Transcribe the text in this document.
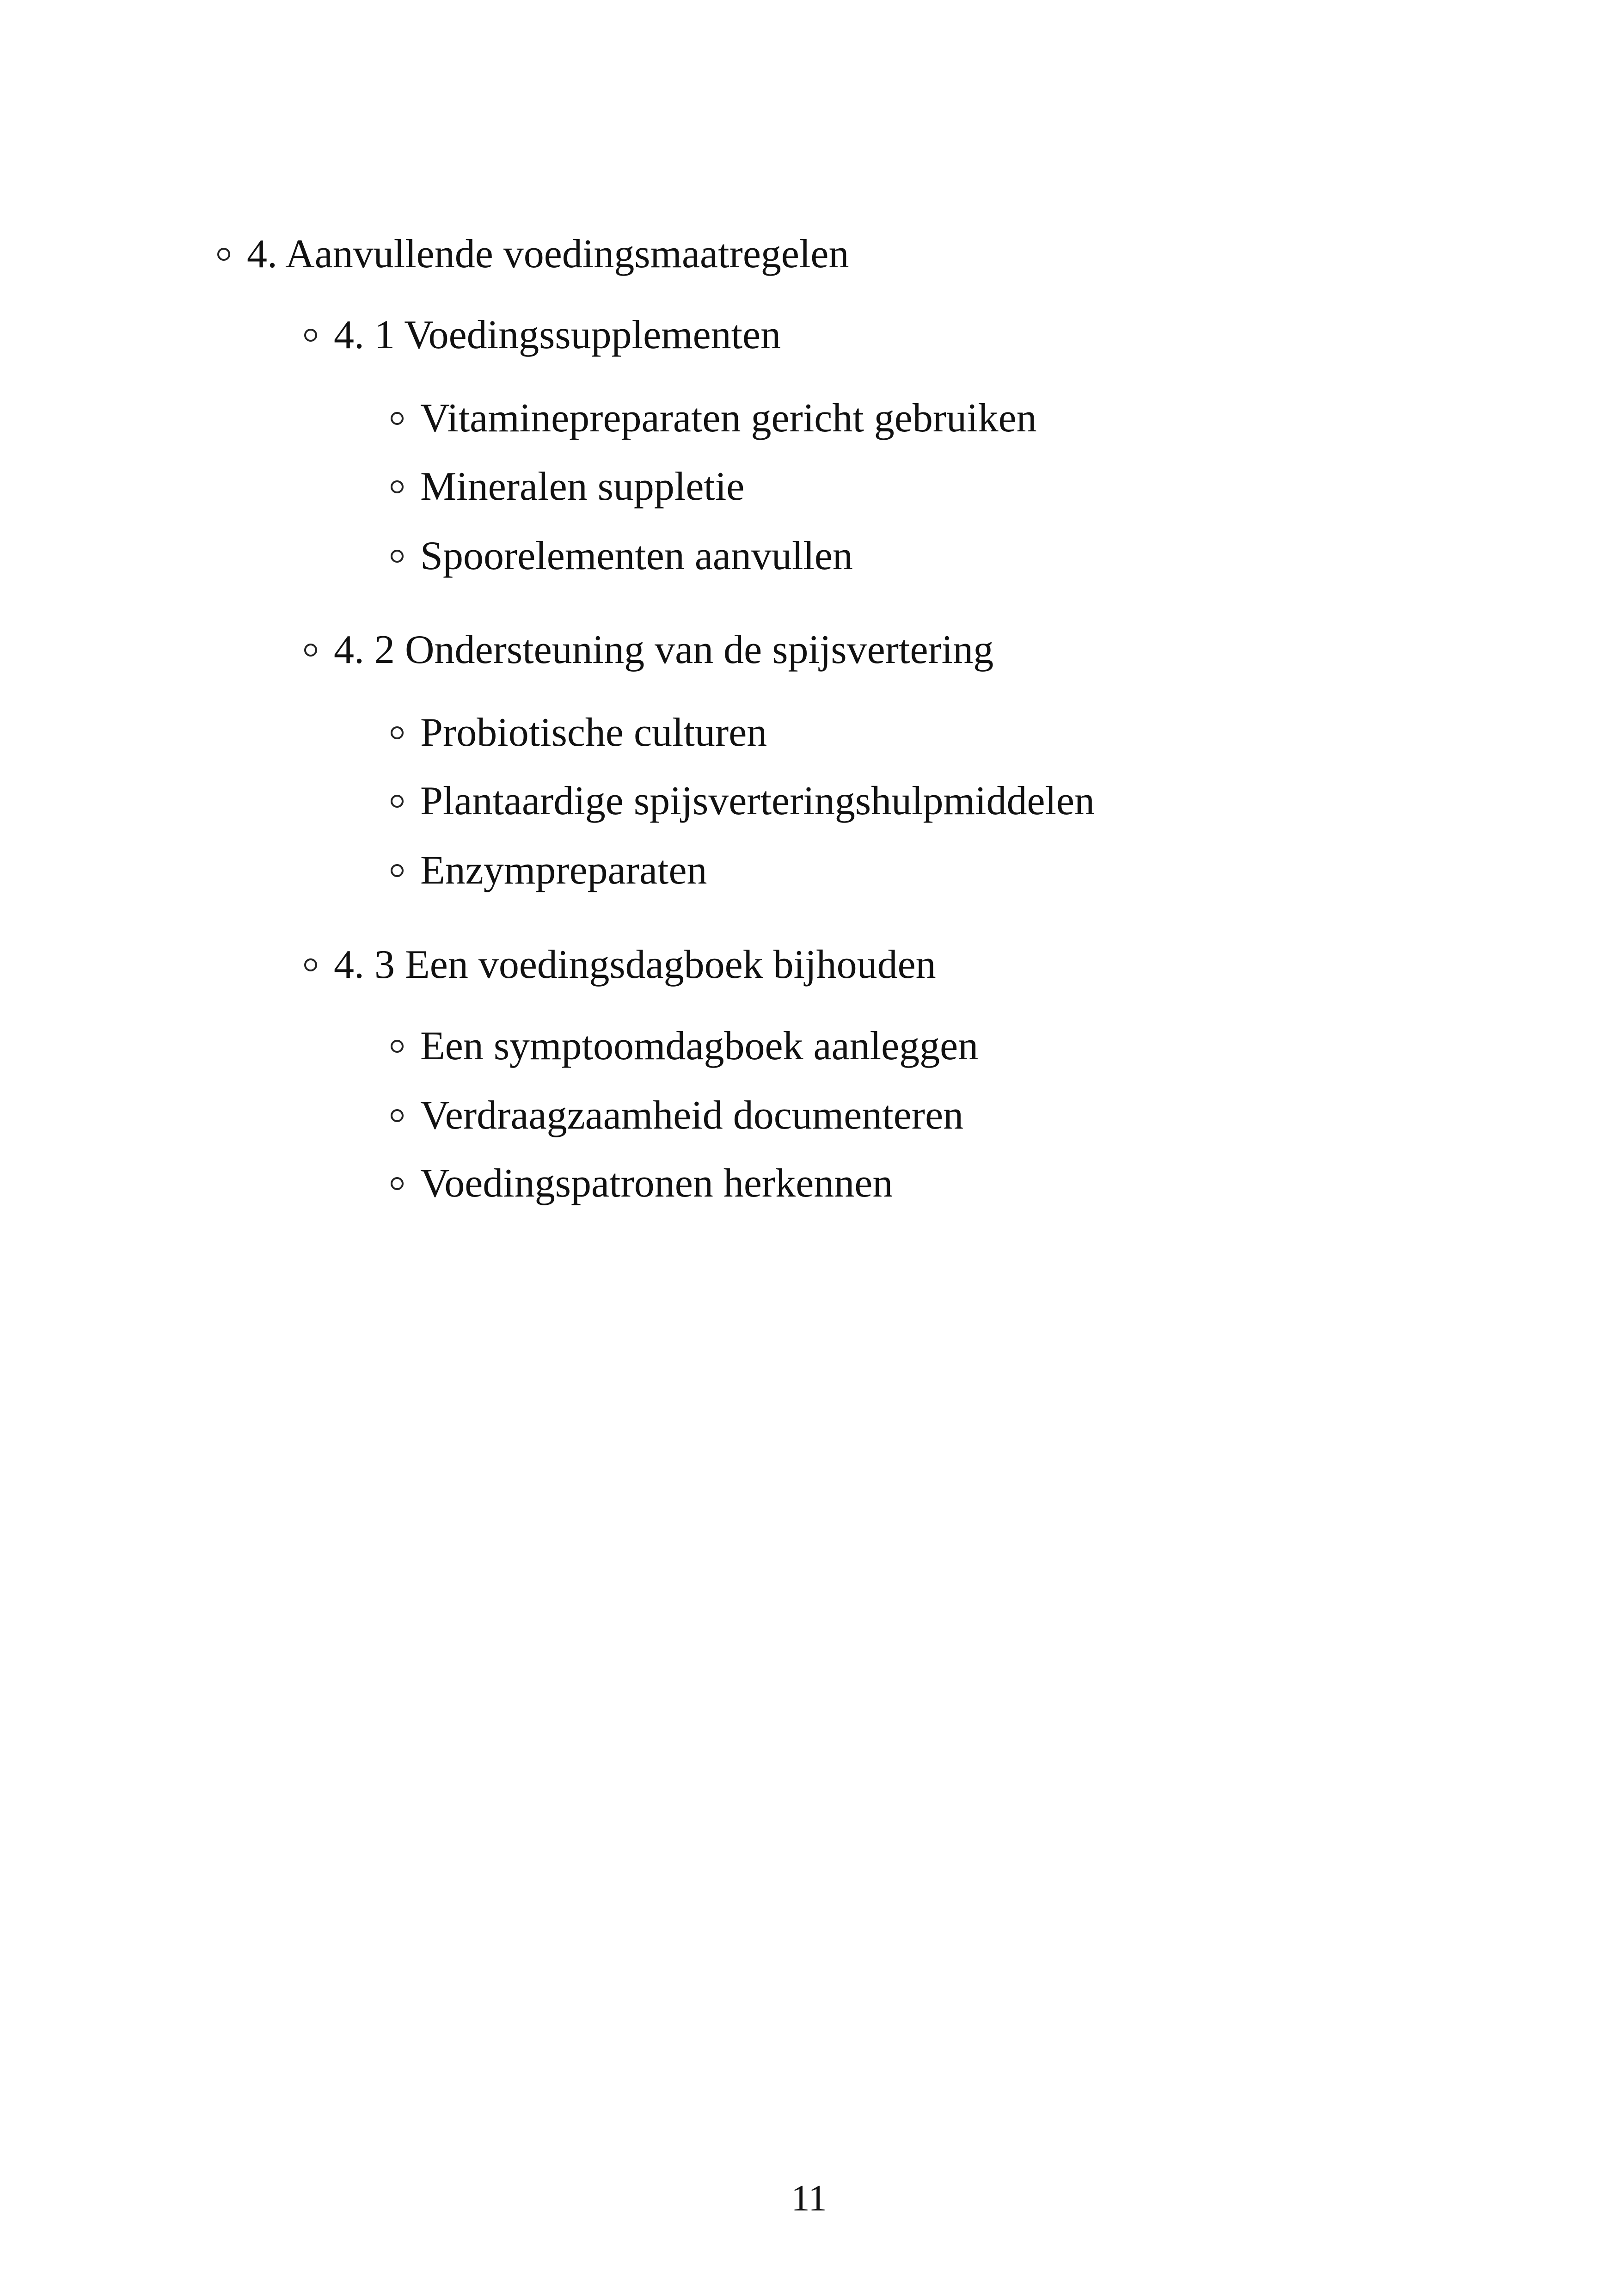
4. Aanvullende voedingsmaatregelen
4. 1 Voedingssupplementen
Vitaminepreparaten gericht gebruiken
Mineralen suppletie
Spoorelementen aanvullen
4. 2 Ondersteuning van de spijsvertering
Probiotische culturen
Plantaardige spijsverteringshulpmiddelen
Enzympreparaten
4. 3 Een voedingsdagboek bijhouden
Een symptoomdagboek aanleggen
Verdraagzaamheid documenteren
Voedingspatronen herkennen
11
